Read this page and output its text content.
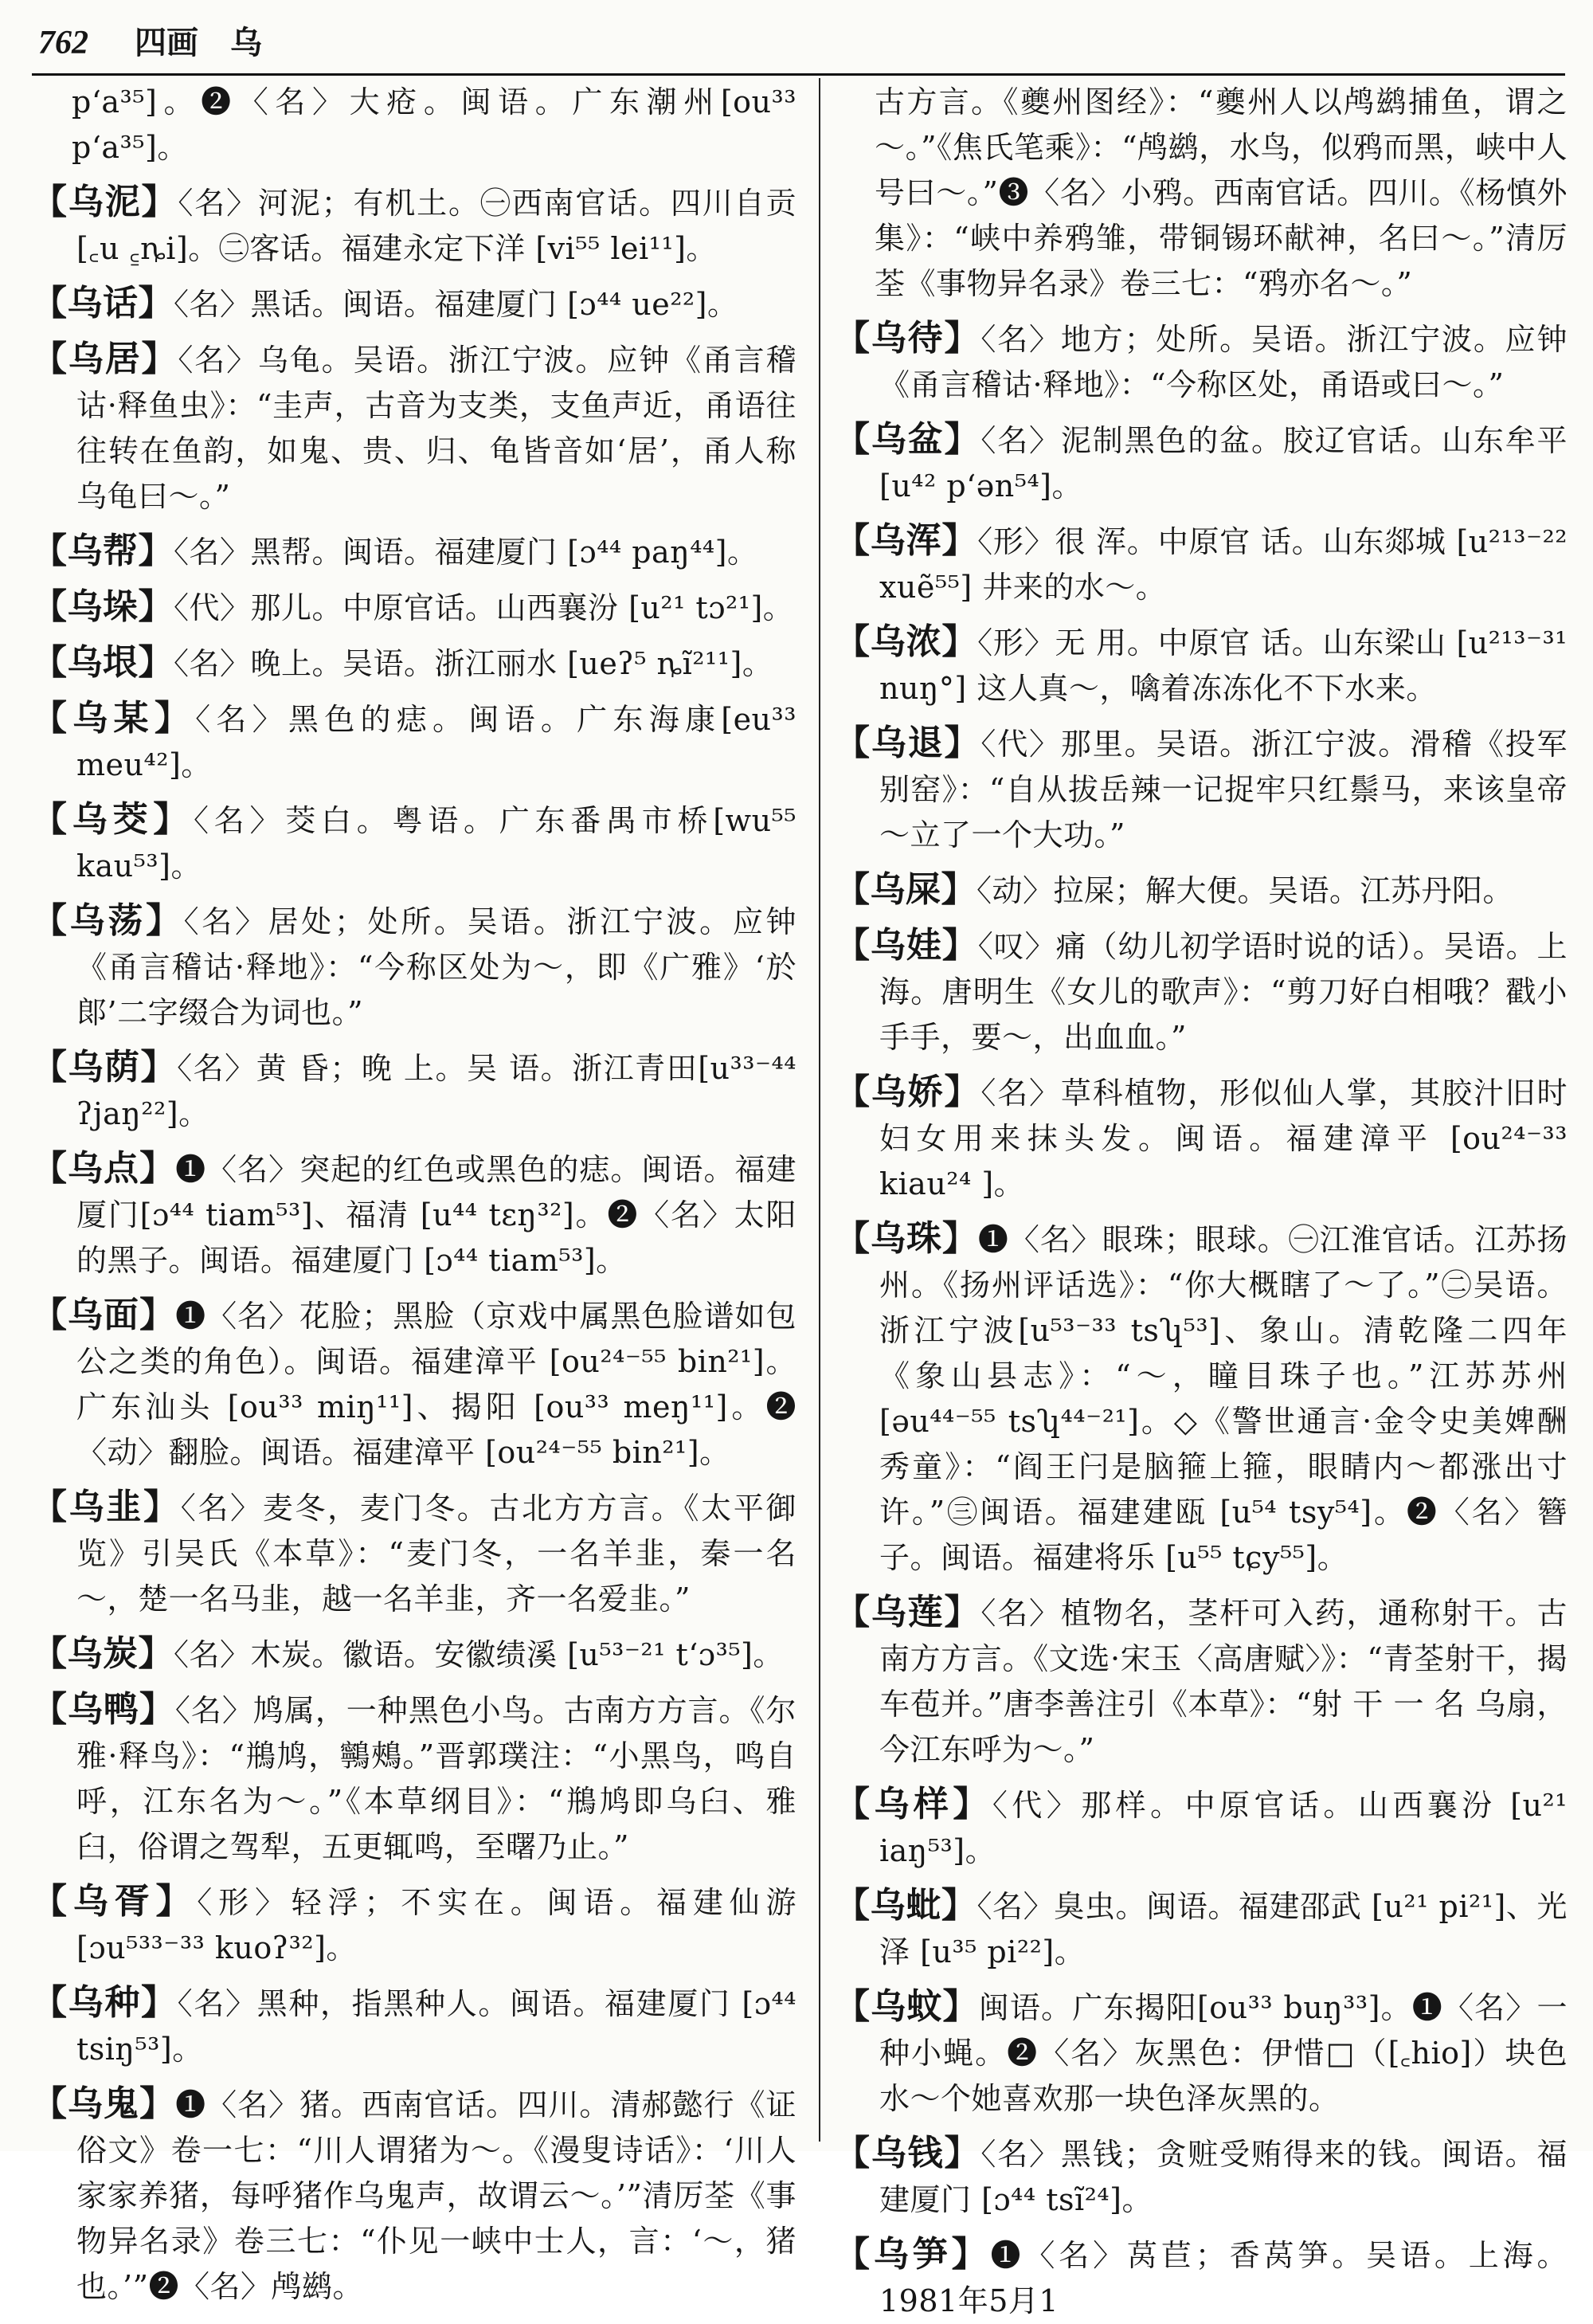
762 四画　乌

p‘a³⁵]。❷〈名〉大疮。闽语。广东潮州[ou³³ p‘a³⁵]。

【乌泥】〈名〉河泥；有机土。㊀西南官话。四川自贡[꜀u ꜁ȵi]。㊁客话。福建永定下洋 [vi⁵⁵ lei¹¹]。

【乌话】〈名〉黑话。闽语。福建厦门 [ɔ⁴⁴ ue²²]。

【乌居】〈名〉乌龟。吴语。浙江宁波。应钟《甬言稽诂·释鱼虫》：“圭声，古音为支类，支鱼声近，甬语往往转在鱼韵，如鬼、贵、归、龟皆音如‘居’，甬人称乌龟曰～。”

【乌帮】〈名〉黑帮。闽语。福建厦门 [ɔ⁴⁴ paŋ⁴⁴]。

【乌垛】〈代〉那儿。中原官话。山西襄汾 [u²¹ tɔ²¹]。

【乌垠】〈名〉晚上。吴语。浙江丽水 [ueʔ⁵ ȵĩ²¹¹]。

【乌某】〈名〉黑色的痣。闽语。广东海康[eu³³ meu⁴²]。

【乌茭】〈名〉茭白。粤语。广东番禺市桥[wu⁵⁵ kau⁵³]。

【乌荡】〈名〉居处；处所。吴语。浙江宁波。应钟《甬言稽诂·释地》：“今称区处为～，即《广雅》‘於郞’二字缀合为词也。”

【乌荫】〈名〉黄 昏；晚 上。吴 语。浙江青田[u³³⁻⁴⁴ ʔjaŋ²²]。

【乌点】❶〈名〉突起的红色或黑色的痣。闽语。福建厦门[ɔ⁴⁴ tiam⁵³]、福清 [u⁴⁴ tɛŋ³²]。❷〈名〉太阳的黑子。闽语。福建厦门 [ɔ⁴⁴ tiam⁵³]。

【乌面】❶〈名〉花脸；黑脸（京戏中属黑色脸谱如包公之类的角色）。闽语。福建漳平 [ou²⁴⁻⁵⁵ bin²¹]。广东汕头 [ou³³ miŋ¹¹]、揭阳 [ou³³ meŋ¹¹]。❷〈动〉翻脸。闽语。福建漳平 [ou²⁴⁻⁵⁵ bin²¹]。

【乌韭】〈名〉麦冬，麦门冬。古北方方言。《太平御览》引吴氏《本草》：“麦门冬，一名羊韭，秦一名～，楚一名马韭，越一名羊韭，齐一名爱韭。”

【乌炭】〈名〉木炭。徽语。安徽绩溪 [u⁵³⁻²¹ t‘ɔ³⁵]。

【乌鸭】〈名〉鸠属，一种黑色小鸟。古南方方言。《尔雅·释鸟》：“鵧鸠，鸋鵊。”晋郭璞注：“小黑鸟，鸣自呼，江东名为～。”《本草纲目》：“鵧鸠即乌臼、雅臼，俗谓之驾犁，五更辄鸣，至曙乃止。”

【乌胥】〈形〉轻浮；不实在。闽语。福建仙游 [ɔu⁵³³⁻³³ kuoʔ³²]。

【乌种】〈名〉黑种，指黑种人。闽语。福建厦门 [ɔ⁴⁴ tsiŋ⁵³]。

【乌鬼】❶〈名〉猪。西南官话。四川。清郝懿行《证俗文》卷一七：“川人谓猪为～。《漫叟诗话》：‘川人家家养猪，每呼猪作乌鬼声，故谓云～。’”清厉荃《事物异名录》卷三七：“仆见一峡中士人，言：‘～，猪也。’”❷〈名〉鸬鹚。

古方言。《夔州图经》：“夔州人以鸬鹚捕鱼，谓之～。”《焦氏笔乘》：“鸬鹚，水鸟，似鸦而黑，峡中人号曰～。”❸〈名〉小鸦。西南官话。四川。《杨慎外集》：“峡中养鸦雏，带铜锡环献神，名曰～。”清厉荃《事物异名录》卷三七：“鸦亦名～。”

【乌待】〈名〉地方；处所。吴语。浙江宁波。应钟《甬言稽诂·释地》：“今称区处，甬语或曰～。”

【乌盆】〈名〉泥制黑色的盆。胶辽官话。山东牟平 [u⁴² p‘ən⁵⁴]。

【乌浑】〈形〉很 浑。中原官 话。山东郯城 [u²¹³⁻²² xuẽ⁵⁵] 井来的水～。

【乌浓】〈形〉无 用。中原官 话。山东梁山 [u²¹³⁻³¹ nuŋ°] 这人真～，噙着冻冻化不下水来。

【乌退】〈代〉那里。吴语。浙江宁波。滑稽《投军别窑》：“自从拔岳辣一记捉牢只红鬃马，来该皇帝～立了一个大功。”

【乌屎】〈动〉拉屎；解大便。吴语。江苏丹阳。

【乌娃】〈叹〉痛（幼儿初学语时说的话）。吴语。上海。唐明生《女儿的歌声》：“剪刀好白相哦？戳小手手，要～，出血血。”

【乌娇】〈名〉草科植物，形似仙人掌，其胶汁旧时妇女用来抹头发。闽语。福建漳平 [ou²⁴⁻³³ kiau²⁴ ]。

【乌珠】❶〈名〉眼珠；眼球。㊀江淮官话。江苏扬州。《扬州评话选》：“你大概瞎了～了。”㊁吴语。浙江宁波[u⁵³⁻³³ tsʮ⁵³]、象山。清乾隆二四年《象山县志》：“～，瞳目珠子也。”江苏苏州 [əu⁴⁴⁻⁵⁵ tsʮ⁴⁴⁻²¹]。◇《警世通言·金令史美婢酬秀童》：“阎王闩是脑箍上箍，眼睛内～都涨出寸许。”㊂闽语。福建建瓯 [u⁵⁴ tsy⁵⁴]。❷〈名〉簪子。闽语。福建将乐 [u⁵⁵ tɕy⁵⁵]。

【乌莲】〈名〉植物名，茎杆可入药，通称射干。古南方方言。《文选·宋玉〈高唐赋〉》：“青荃射干，揭车苞并。”唐李善注引《本草》：“射 干 一 名 乌扇，今江东呼为～。”

【乌样】〈代〉那样。中原官话。山西襄汾 [u²¹ iaŋ⁵³]。

【乌蚍】〈名〉臭虫。闽语。福建邵武 [u²¹ pi²¹]、光泽 [u³⁵ pi²²]。

【乌蚊】闽语。广东揭阳[ou³³ buŋ³³]。❶〈名〉一种小蝇。❷〈名〉灰黑色：伊惜□（[꜀hio]）块色水～个她喜欢那一块色泽灰黑的。

【乌钱】〈名〉黑钱；贪赃受贿得来的钱。闽语。福建厦门 [ɔ⁴⁴ tsĩ²⁴]。

【乌笋】❶〈名〉莴苣；香莴笋。吴语。上海。1981年5月1
